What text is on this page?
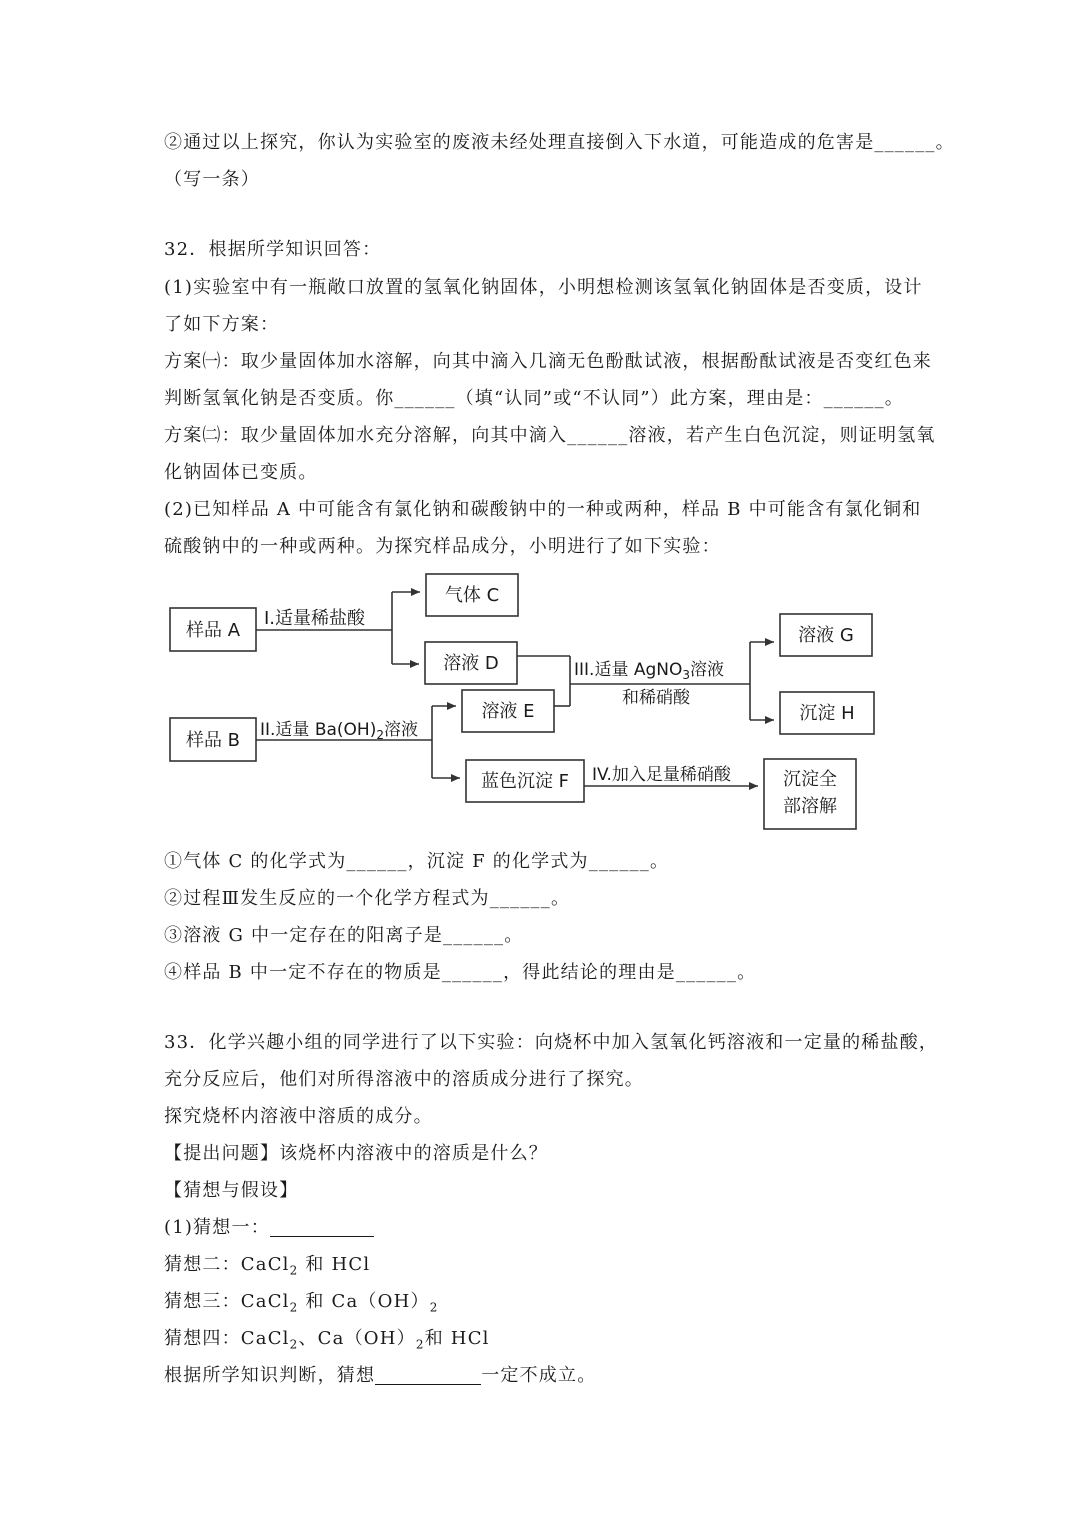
②通过以上探究，你认为实验室的废液未经处理直接倒入下水道，可能造成的危害是______。
（写一条）
32．根据所学知识回答：
(1)实验室中有一瓶敞口放置的氢氧化钠固体，小明想检测该氢氧化钠固体是否变质，设计
了如下方案：
方案㈠：取少量固体加水溶解，向其中滴入几滴无色酚酞试液，根据酚酞试液是否变红色来
判断氢氧化钠是否变质。你______（填“认同”或“不认同”）此方案，理由是：______。
方案㈡：取少量固体加水充分溶解，向其中滴入______溶液，若产生白色沉淀，则证明氢氧
化钠固体已变质。
(2)已知样品 A 中可能含有氯化钠和碳酸钠中的一种或两种，样品 B 中可能含有氯化铜和
硫酸钠中的一种或两种。为探究样品成分，小明进行了如下实验：
样品 A
样品 B
气体 C
溶液 D
溶液 E
蓝色沉淀 F
溶液 G
沉淀 H
沉淀全
部溶解
I.适量稀盐酸
II.适量 $Ba(OH)_2$溶液
III.适量 AgNO$_3$溶液
和稀硝酸
IV.加入足量稀硝酸
①气体 C 的化学式为______，沉淀 F 的化学式为______。
②过程Ⅲ发生反应的一个化学方程式为______。
③溶液 G 中一定存在的阳离子是______。
④样品 B 中一定不存在的物质是______，得此结论的理由是______。
33．化学兴趣小组的同学进行了以下实验：向烧杯中加入氢氧化钙溶液和一定量的稀盐酸，
充分反应后，他们对所得溶液中的溶质成分进行了探究。
探究烧杯内溶液中溶质的成分。
【提出问题】该烧杯内溶液中的溶质是什么？
【猜想与假设】
(1)猜想一：
猜想二：CaCl$_2$ 和 HCl
猜想三：CaCl$_2$ 和 $Ca(OH)_2$
猜想四：CaCl$_2$、$Ca(OH)_2$和 HCl
根据所学知识判断，猜想	一定不成立。
